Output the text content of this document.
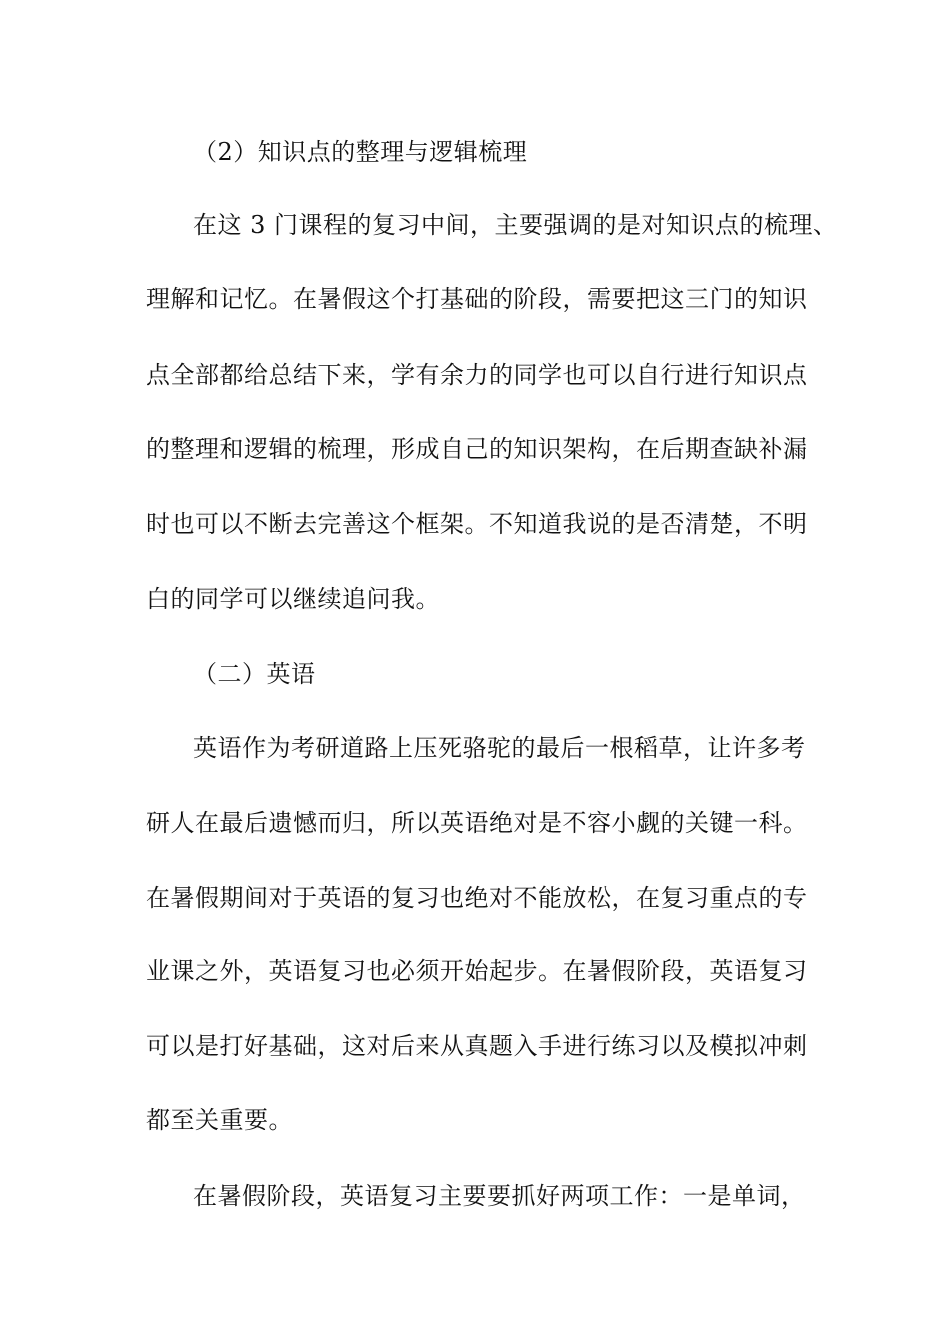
（2）知识点的整理与逻辑梳理
在这 3 门课程的复习中间，主要强调的是对知识点的梳理、
理解和记忆。在暑假这个打基础的阶段，需要把这三门的知识
点全部都给总结下来，学有余力的同学也可以自行进行知识点
的整理和逻辑的梳理，形成自己的知识架构，在后期查缺补漏
时也可以不断去完善这个框架。不知道我说的是否清楚，不明
白的同学可以继续追问我。
（二）英语
英语作为考研道路上压死骆驼的最后一根稻草，让许多考
研人在最后遗憾而归，所以英语绝对是不容小觑的关键一科。
在暑假期间对于英语的复习也绝对不能放松，在复习重点的专
业课之外，英语复习也必须开始起步。在暑假阶段，英语复习
可以是打好基础，这对后来从真题入手进行练习以及模拟冲刺
都至关重要。
在暑假阶段，英语复习主要要抓好两项工作：一是单词，
